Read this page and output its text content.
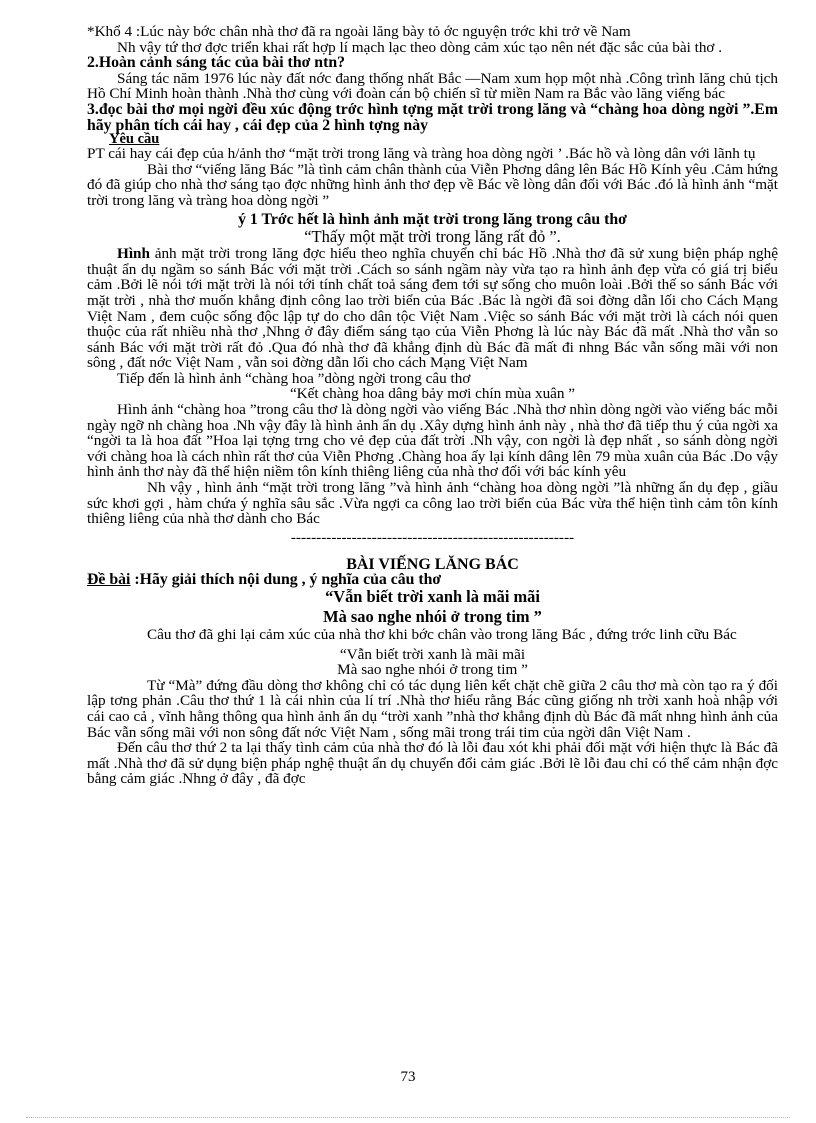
*Khổ 4 :Lúc này bớc chân nhà thơ đã ra ngoài lăng bày tỏ ớc nguyện trớc khi trở về Nam

Nh vậy tứ thơ đợc triển khai rất hợp lí mạch lạc theo dòng cảm xúc tạo nên nét đặc sắc của bài thơ .

2.Hoàn cảnh sáng tác của bài thơ ntn?

Sáng tác năm 1976 lúc này đất nớc đang thống nhất Bắc —Nam xum họp một nhà .Công trình lăng chủ tịch Hồ Chí Minh hoàn thành .Nhà thơ cùng với đoàn cán bộ chiến sĩ từ miền Nam ra Bắc vào lăng viếng bác

3.đọc bài thơ mọi ngời đều xúc động trớc hình tợng mặt trời trong lăng và “chàng hoa dòng ngời ”.Em hãy phân tích cái hay , cái đẹp của 2 hình tợng này

Yêu cầu

PT cái hay cái đẹp của h/ảnh thơ “mặt trời trong lăng và tràng hoa dòng ngời ’ .Bác hồ và lòng dân với lãnh tụ

Bài thơ “viếng lăng Bác ”là tình cảm chân thành của Viễn Phơng dâng lên Bác Hồ Kính yêu .Cảm hứng đó đã giúp cho nhà thơ sáng tạo đợc những hình ảnh thơ đẹp về Bác về lòng dân đối với Bác .đó là hình ảnh “mặt trời trong lăng và tràng hoa dòng ngời ”

ý 1 Trớc hết là hình ảnh mặt trời trong lăng trong câu thơ

“Thấy một mặt trời trong lăng rất đỏ ”.

Hình ảnh mặt trời trong lăng đợc hiểu theo nghĩa chuyển chỉ bác Hồ .Nhà thơ đã sử xung biện pháp nghệ thuật ẩn dụ ngầm so sánh Bác với mặt trời .Cách so sánh ngầm này vừa tạo ra hình ảnh đẹp vừa có giá trị biểu cảm .Bởi lẽ nói tới mặt trời là nói tới tính chất toả sáng đem tới sự sống cho muôn loài .Bởi thế so sánh Bác với mặt trời , nhà thơ muốn khẳng định công lao trời biển của Bác .Bác là ngời đã soi đờng dẫn lối cho Cách Mạng Việt Nam , đem cuộc sống độc lập tự do cho dân tộc Việt Nam .Việc so sánh Bác với mặt trời là cách nói quen thuộc của rất nhiều nhà thơ ,Nhng ở đây điểm sáng tạo của Viễn Phơng là lúc này Bác đã mất .Nhà thơ vẫn so sánh Bác với mặt trời rất đỏ .Qua đó nhà thơ đã khẳng định dù Bác đã mất đi nhng Bác vẫn sống mãi với non sông , đất nớc Việt Nam , vẫn soi đờng dẫn lối cho cách Mạng Việt Nam

Tiếp đến là hình ảnh “chàng hoa ”dòng ngời trong câu thơ

“Kết chàng hoa dâng bảy mơi chín mùa xuân ”

Hình ảnh “chàng hoa ”trong câu thơ là dòng ngời vào viếng Bác .Nhà thơ nhìn dòng ngời vào viếng bác mỗi ngày ngỡ nh chàng hoa .Nh vậy đây là hình ảnh ẩn dụ .Xây dựng hình ảnh này , nhà thơ đã tiếp thu ý của ngời xa “ngời ta là hoa đất ”Hoa lại tợng trng cho vẻ đẹp của đất trời .Nh vậy, con ngời là đẹp nhất , so sánh dòng ngời với chàng hoa là cách nhìn rất thơ của Viễn Phơng .Chàng hoa ấy lại kính dâng lên 79 mùa xuân của Bác .Do vậy hình ảnh thơ này đã thể hiện niềm tôn kính thiêng liêng của nhà thơ đối với bác kính yêu

Nh vậy , hình ảnh “mặt trời trong lăng ”và hình ảnh “chàng hoa dòng ngời ”là những ẩn dụ đẹp , giầu sức khơi gợi , hàm chứa ý nghĩa sâu sắc .Vừa ngợi ca công lao trời biển của Bác vừa thể hiện tình cảm tôn kính thiêng liêng của nhà thơ dành cho Bác

--------------------------------------------------------

BÀI VIẾNG LĂNG BÁC

Đề bài :Hãy giải thích nội dung , ý nghĩa của câu thơ

“Vẫn biết trời xanh là mãi mãi

Mà sao nghe nhói ở trong tim ”

Câu thơ đã ghi lại cảm xúc của nhà thơ khi bớc chân vào trong lăng Bác , đứng trớc linh cữu Bác

“Vẫn biết trời xanh là mãi mãi

Mà sao nghe nhói ở trong tim ”

Từ “Mà” đứng đầu dòng thơ không chỉ có tác dụng liên kết chặt chẽ giữa 2 câu thơ mà còn tạo ra ý đối lập tơng phản .Câu thơ thứ 1 là cái nhìn của lí trí .Nhà thơ hiểu rằng Bác cũng giống nh trời xanh hoà nhập với cái cao cả , vĩnh hằng thông qua hình ảnh ẩn dụ “trời xanh ”nhà thơ khẳng định dù Bác đã mất nhng hình ảnh của Bác vẫn sống mãi với non sông đất nớc Việt Nam , sống mãi trong trái tim của ngời dân Việt Nam .

Đến câu thơ thứ 2 ta lại thấy tình cảm của nhà thơ đó là lỗi đau xót khi phải đối mặt với hiện thực là Bác đã mất .Nhà thơ đã sử dụng biện pháp nghệ thuật ẩn dụ chuyển đổi cảm giác .Bởi lẽ lỗi đau chỉ có thể cảm nhận đợc bằng cảm giác .Nhng ở đây , đã đợc

73
